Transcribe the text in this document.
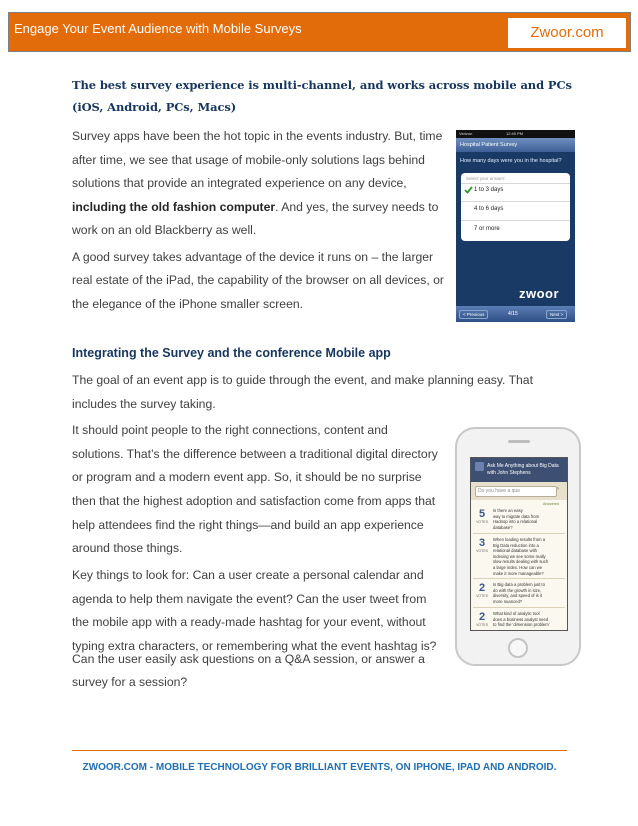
Engage Your Event Audience with Mobile Surveys	Zwoor.com
The best survey experience is multi-channel, and works across mobile and PCs
(iOS, Android, PCs, Macs)
Survey apps have been the hot topic in the events industry. But, time
after time, we see that usage of mobile-only solutions lags behind
solutions that provide an integrated experience on any device,
including the old fashion computer. And yes, the survey needs to
work on an old Blackberry as well.
A good survey takes advantage of the device it runs on – the larger
real estate of the iPad, the capability of the browser on all devices, or
the elegance of the iPhone smaller screen.
Verizon	12:40 PM
Hospital Patient Survey
How many days were you in the hospital?
Select your answer:
1 to 3 days
4 to 6 days
7 or more
zwoor
< Previous	4/15	Next >
Integrating the Survey and the conference Mobile app
The goal of an event app is to guide through the event, and make planning easy. That
includes the survey taking.
It should point people to the right connections, content and
solutions. That’s the difference between a traditional digital directory
or program and a modern event app. So, it should be no surprise
then that the highest adoption and satisfaction come from apps that
help attendees find the right things—and build an app experience
around those things.
Key things to look for: Can a user create a personal calendar and
agenda to help them navigate the event? Can the user tweet from
the mobile app with a ready-made hashtag for your event, without
typing extra characters, or remembering what the event hashtag is?
Can the user easily ask questions on a Q&A session, or answer a
survey for a session?
Ask Me Anything about Big Data
with John Stephens
Do you have a que	›
Answered
5
VOTES
Is there an easy
way to migrate data from
Hadoop into a relational
database?
3
VOTES
When loading results from a
Big Data reduction into a
relational database with
indexing we see some really
slow results dealing with such
a large index. How can we
make it more manageable?
2
VOTES
Is Big data a problem just to
do with the growth in size,
diversity, and speed of is it
more nuanced?
2
VOTES
What kind of analytic tool
does a business analyst need
to find the 'dimension problem'
ZWOOR.COM - MOBILE TECHNOLOGY FOR BRILLIANT EVENTS, ON IPHONE, IPAD AND ANDROID.
